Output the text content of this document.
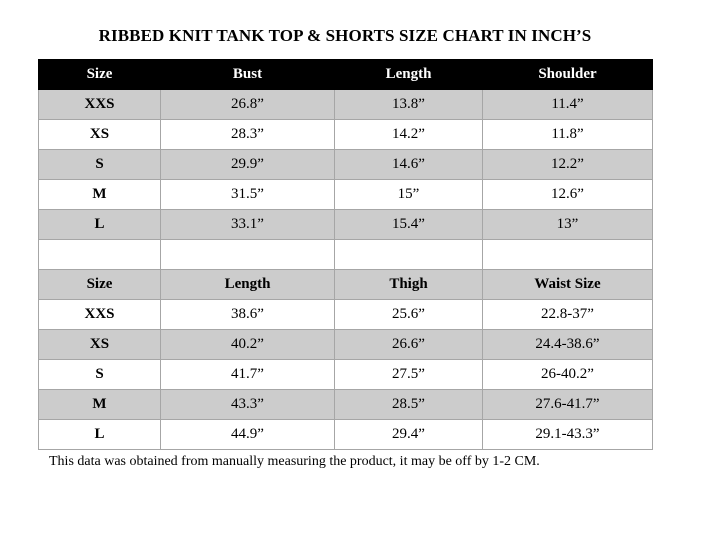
RIBBED KNIT TANK TOP & SHORTS SIZE CHART IN INCH’S
Size	Bust	Length	Shoulder
XXS	26.8”	13.8”	11.4”
XS	28.3”	14.2”	11.8”
S	29.9”	14.6”	12.2”
M	31.5”	15”	12.6”
L	33.1”	15.4”	13”

Size	Length	Thigh	Waist Size
XXS	38.6”	25.6”	22.8-37”
XS	40.2”	26.6”	24.4-38.6”
S	41.7”	27.5”	26-40.2”
M	43.3”	28.5”	27.6-41.7”
L	44.9”	29.4”	29.1-43.3”
This data was obtained from manually measuring the product, it may be off by 1-2 CM.
